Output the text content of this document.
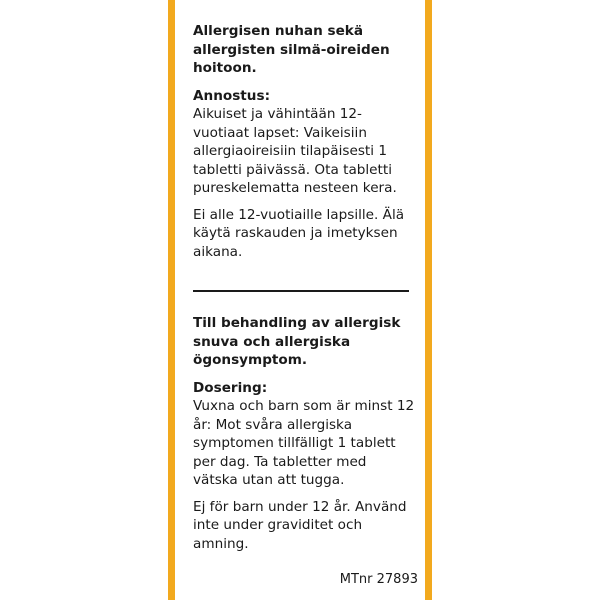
Allergisen nuhan sekä allergisten silmä-oireiden hoitoon.

Annostus:

Aikuiset ja vähintään 12-vuotiaat lapset: Vaikeisiin allergiaoireisiin tilapäisesti 1 tabletti päivässä. Ota tabletti pureskelematta nesteen kera.

Ei alle 12-vuotiaille lapsille. Älä käytä raskauden ja imetyksen aikana.

Till behandling av allergisk snuva och allergiska ögonsymptom.

Dosering:

Vuxna och barn som är minst 12 år: Mot svåra allergiska symptomen tillfälligt 1 tablett per dag. Ta tabletter med vätska utan att tugga.

Ej för barn under 12 år. Använd inte under graviditet och amning.

MTnr 27893
